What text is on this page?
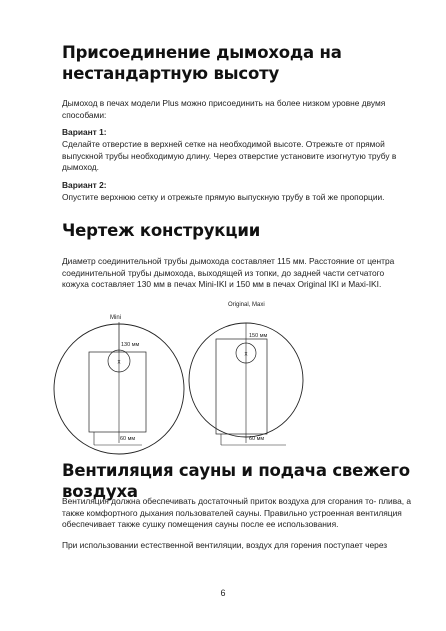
Присоединение дымохода на нестандартную высоту
Дымоход в печах модели Plus можно присоединить на более низком уровне двумя способами:
Вариант 1:
Сделайте отверстие в верхней сетке на необходимой высоте. Отрежьте от прямой выпускной трубы необходимую длину. Через отверстие установите изогнутую трубу в дымоход.
Вариант 2:
Опустите верхнюю сетку и отрежьте прямую выпускную трубу в той же пропорции.
Чертеж конструкции
Диаметр соединительной трубы дымохода составляет 115 мм. Расстояние от центра соединительной трубы дымохода, выходящей из топки, до задней части сетчатого кожуха составляет 130 мм в печах Mini-IKI и 150 мм в печах Original IKI и Maxi-IKI.
x
Mini
130 мм
60 мм
x
Original, Maxi
150 мм
60 мм
Вентиляция сауны и подача свежего воздуха
Вентиляция должна обеспечивать достаточный приток воздуха для сгорания то- плива, а также комфортного дыхания пользователей сауны. Правильно устроенная вентиляция обеспечивает также сушку помещения сауны после ее использования.
При использовании естественной вентиляции, воздух для горения поступает через
6
